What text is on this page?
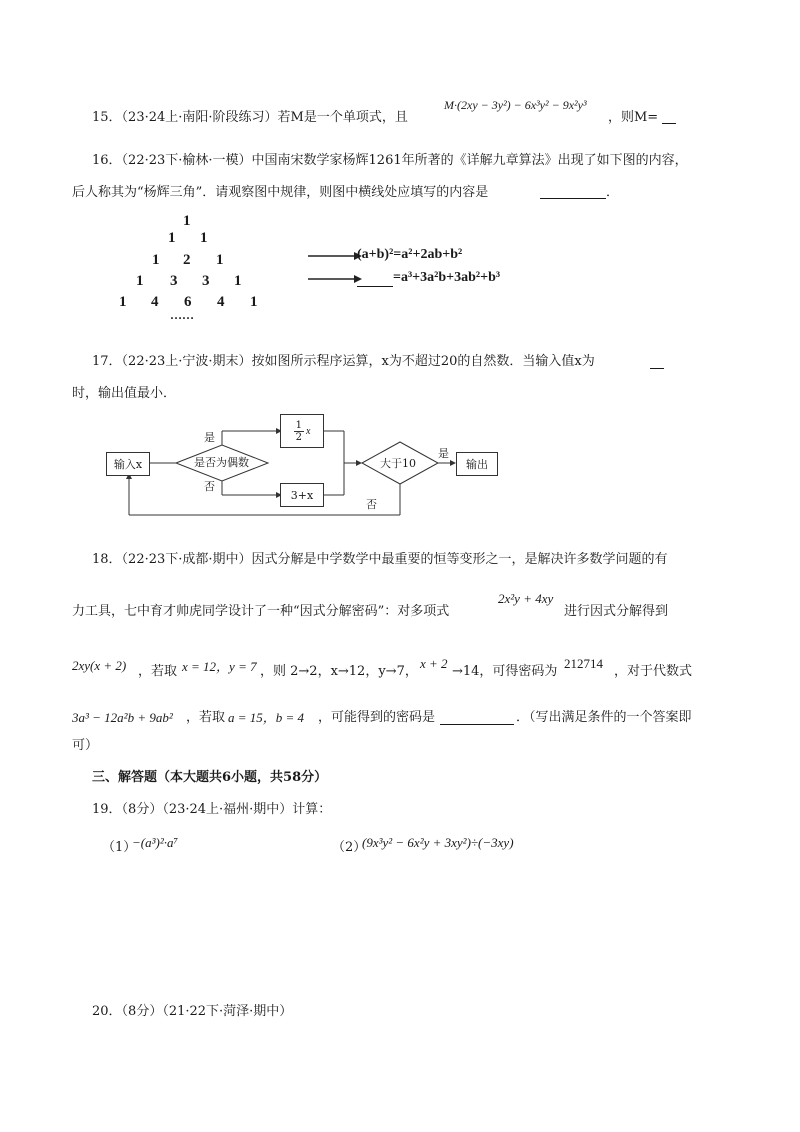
15．（23·24上·南阳·阶段练习）若M是一个单项式，且
M·(2xy − 3y²) − 6x³y² − 9x²y³
，则M=
16．（22·23下·榆林·一模）中国南宋数学家杨辉1261年所著的《详解九章算法》出现了如下图的内容，
后人称其为“杨辉三角”．请观察图中规律，则图中横线处应填写的内容是	．
1
1 1
1 2 1
1 3 3 1
1 4 6 4 1
……
(a+b)²=a²+2ab+b²
=a³+3a²b+3ab²+b³
17．（22·23上·宁波·期末）按如图所示程序运算，x为不超过20的自然数．当输入值x为
时，输出值最小．
输入x	是否为偶数
是
否
$\frac{1}{2}$ x
3+x
大于10
是
输出
否
18．（22·23下·成都·期中）因式分解是中学数学中最重要的恒等变形之一，是解决许多数学问题的有
力工具，七中育才帅虎同学设计了一种“因式分解密码”：对多项式
2x²y + 4xy
进行因式分解得到
2xy(x + 2) ，若取 x = 12，y = 7 ，则 2→2，x→12，y→7，
x + 2
→14，可得密码为
212714
，对于代数式
3a³ − 12a²b + 9ab² ，若取 a = 15，b = 4 ，可能得到的密码是	．（写出满足条件的一个答案即
可）
三、解答题（本大题共6小题，共58分）
19．（8分）（23·24上·福州·期中）计算：
（1）
−(a³)²·a⁷	（2）
(9x³y² − 6x²y + 3xy²)÷(−3xy)
20．（8分）（21·22下·菏泽·期中）
